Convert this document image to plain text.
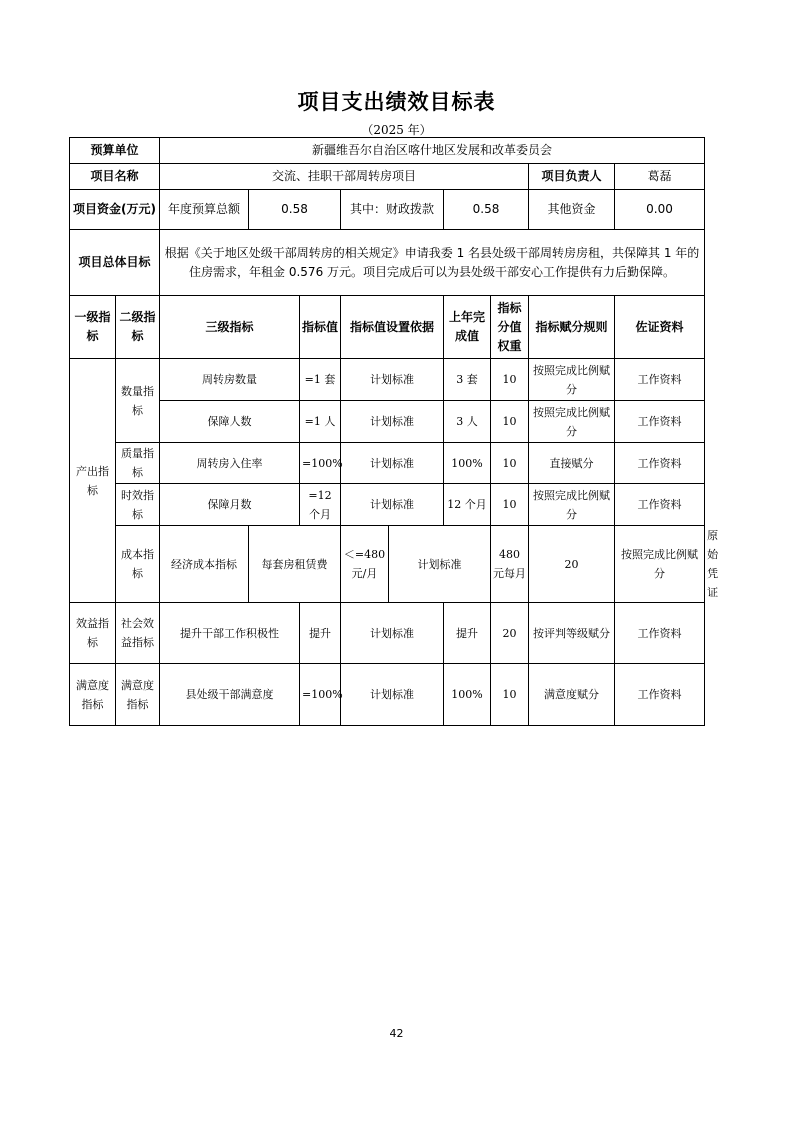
项目支出绩效目标表
（2025 年）
预算单位		新疆维吾尔自治区喀什地区发展和改革委员会									
项目名称		交流、挂职干部周转房项目							项目负责人	葛磊	
项目资金(万元)		年度预算总额	0.58		其中：财政拨款		0.58		其他资金	0.00	
项目总体目标		根据《关于地区处级干部周转房的相关规定》申请我委 1 名县处级干部周转房房租，共保障其 1 年的住房需求，年租金 0.576 万元。项目完成后可以为县处级干部安心工作提供有力后勤保障。									
一级指标	二级指标	三级指标		指标值	指标值设置依据		上年完成值	指标分值权重	指标赋分规则	佐证资料	
产出指标	数量指标	周转房数量		=1 套	计划标准		3 套	10	按照完成比例赋分	工作资料	
		保障人数		=1 人	计划标准		3 人	10	按照完成比例赋分	工作资料	
	质量指标	周转房入住率		=100%	计划标准		100%	10	直接赋分	工作资料	
	时效指标	保障月数		=12 个月	计划标准		12 个月	10	按照完成比例赋分	工作资料	
	成本指标	经济成本指标	每套房租赁费		＜=480 元/月	计划标准		480 元每月	20	按照完成比例赋分	原始凭证
效益指标	社会效益指标	提升干部工作积极性		提升	计划标准		提升	20	按评判等级赋分	工作资料	
满意度指标	满意度指标	县处级干部满意度		=100%	计划标准		100%	10	满意度赋分	工作资料	
42
